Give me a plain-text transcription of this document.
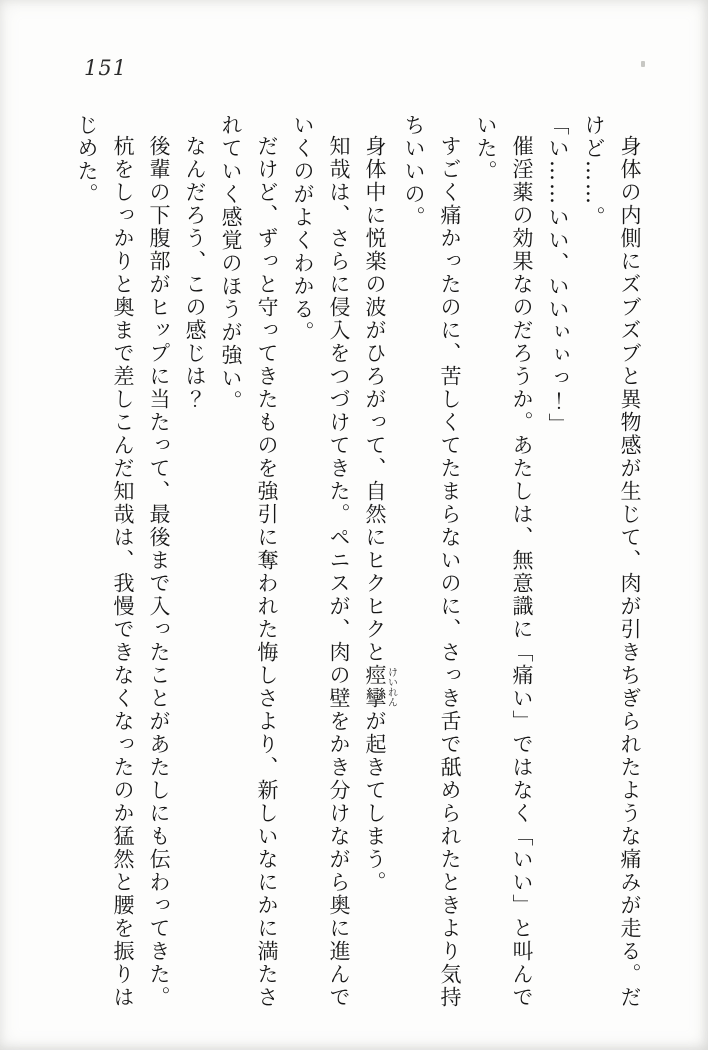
151

身体の内側にズブズブと異物感が生じて、肉が引きちぎられたような痛みが走る。だけど……。

「い……いい、いいぃぃっ！」

催淫薬の効果なのだろうか。あたしは、無意識に「痛い」ではなく「いい」と叫んでいた。

すごく痛かったのに、苦しくてたまらないのに、さっき舌で舐められたときより気持ちいいの。

身体中に悦楽の波がひろがって、自然にヒクヒクと痙攣けいれんが起きてしまう。

知哉は、さらに侵入をつづけてきた。ペニスが、肉の壁をかき分けながら奥に進んでいくのがよくわかる。

だけど、ずっと守ってきたものを強引に奪われた悔しさより、新しいなにかに満たされていく感覚のほうが強い。

なんだろう、この感じは？

後輩の下腹部がヒップに当たって、最後まで入ったことがあたしにも伝わってきた。

杭をしっかりと奥まで差しこんだ知哉は、我慢できなくなったのか猛然と腰を振りはじめた。
